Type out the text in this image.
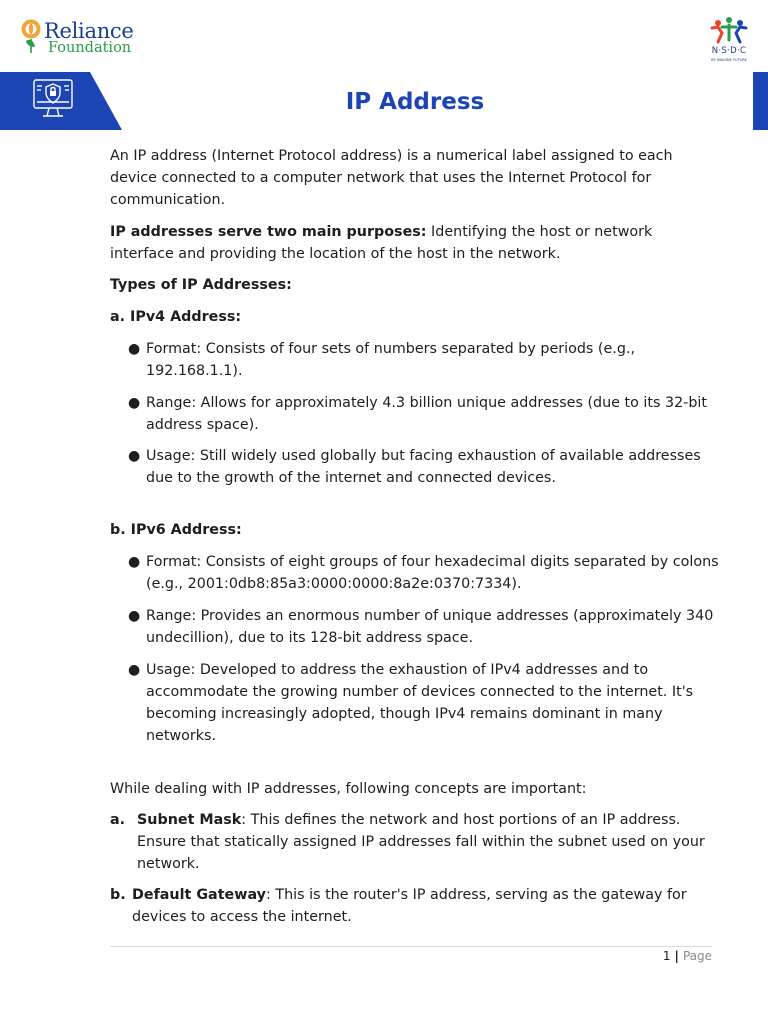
Reliance
Foundation	N·S·D·C
RE IMAGINE FUTURE
IP Address

An IP address (Internet Protocol address) is a numerical label assigned to each device connected to a computer network that uses the Internet Protocol for communication.

IP addresses serve two main purposes: Identifying the host or network interface and providing the location of the host in the network.

Types of IP Addresses:

a. IPv4 Address:

● Format: Consists of four sets of numbers separated by periods (e.g., 192.168.1.1).

● Range: Allows for approximately 4.3 billion unique addresses (due to its 32-bit address space).

● Usage: Still widely used globally but facing exhaustion of available addresses due to the growth of the internet and connected devices.

b. IPv6 Address:

● Format: Consists of eight groups of four hexadecimal digits separated by colons (e.g., 2001:0db8:85a3:0000:0000:8a2e:0370:7334).

● Range: Provides an enormous number of unique addresses (approximately 340 undecillion), due to its 128-bit address space.

● Usage: Developed to address the exhaustion of IPv4 addresses and to accommodate the growing number of devices connected to the internet. It's becoming increasingly adopted, though IPv4 remains dominant in many networks.

While dealing with IP addresses, following concepts are important:

a. Subnet Mask: This defines the network and host portions of an IP address. Ensure that statically assigned IP addresses fall within the subnet used on your network.

b. Default Gateway: This is the router's IP address, serving as the gateway for devices to access the internet.

1 | Page
